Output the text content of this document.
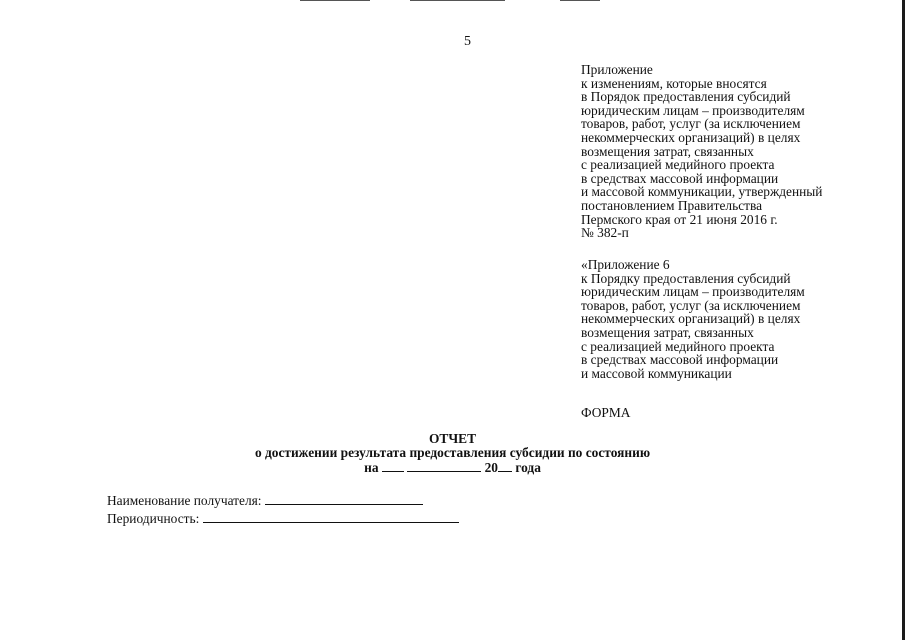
5
Приложение
к изменениям, которые вносятся
в Порядок предоставления субсидий
юридическим лицам – производителям
товаров, работ, услуг (за исключением
некоммерческих организаций) в целях
возмещения затрат, связанных
с реализацией медийного проекта
в средствах массовой информации
и массовой коммуникации, утвержденный
постановлением Правительства
Пермского края от 21 июня 2016 г.
№ 382-п
«Приложение 6
к Порядку предоставления субсидий
юридическим лицам – производителям
товаров, работ, услуг (за исключением
некоммерческих организаций) в целях
возмещения затрат, связанных
с реализацией медийного проекта
в средствах массовой информации
и массовой коммуникации
ФОРМА
ОТЧЕТ
о достижении результата предоставления субсидии по состоянию
на	20 года
Наименование получателя:
Периодичность:
